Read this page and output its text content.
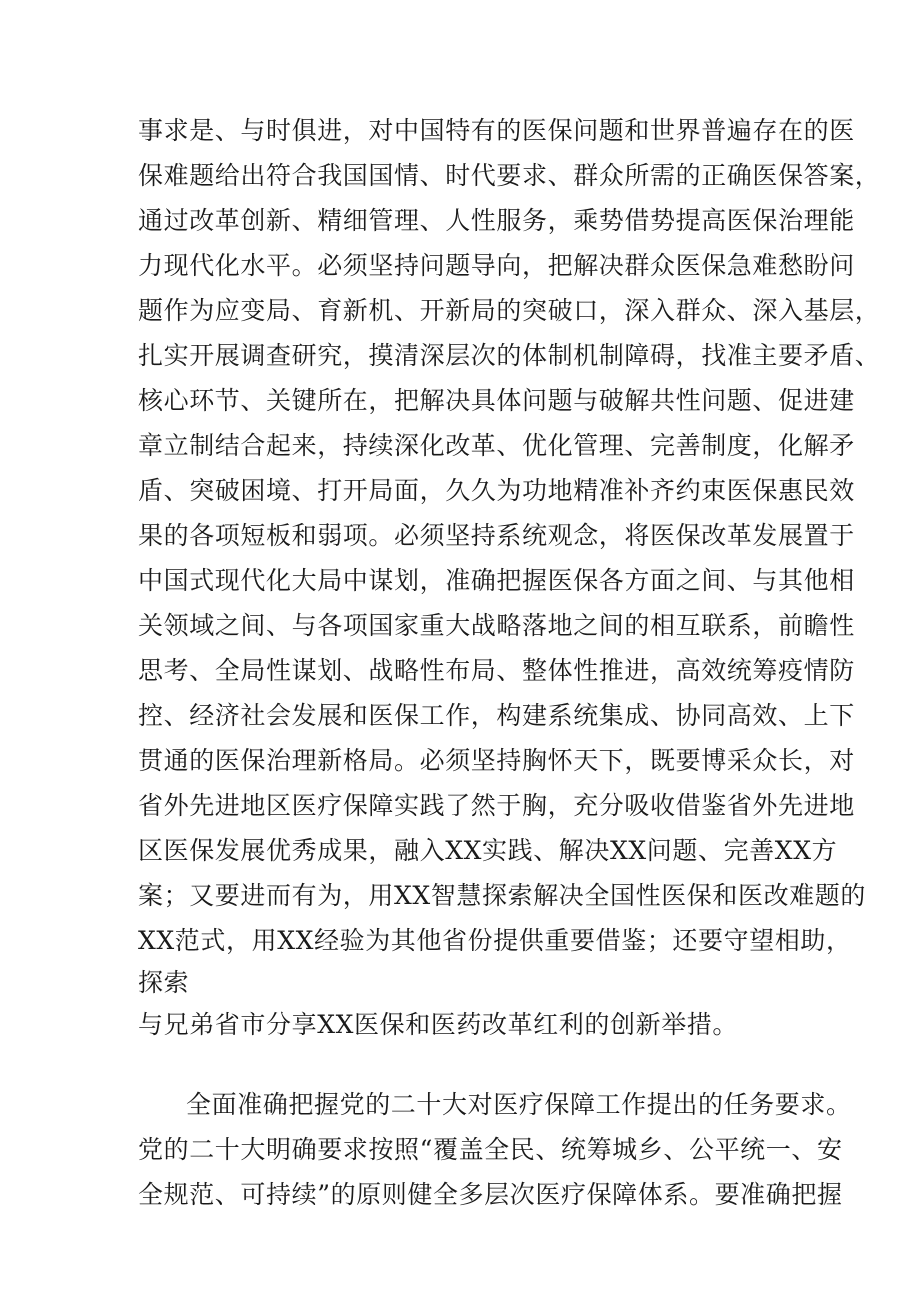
事求是、与时俱进，对中国特有的医保问题和世界普遍存在的医

保难题给出符合我国国情、时代要求、群众所需的正确医保答案，

通过改革创新、精细管理、人性服务，乘势借势提高医保治理能

力现代化水平。必须坚持问题导向，把解决群众医保急难愁盼问

题作为应变局、育新机、开新局的突破口，深入群众、深入基层，

扎实开展调查研究，摸清深层次的体制机制障碍，找准主要矛盾、

核心环节、关键所在，把解决具体问题与破解共性问题、促进建

章立制结合起来，持续深化改革、优化管理、完善制度，化解矛

盾、突破困境、打开局面，久久为功地精准补齐约束医保惠民效

果的各项短板和弱项。必须坚持系统观念，将医保改革发展置于

中国式现代化大局中谋划，准确把握医保各方面之间、与其他相

关领域之间、与各项国家重大战略落地之间的相互联系，前瞻性

思考、全局性谋划、战略性布局、整体性推进，高效统筹疫情防

控、经济社会发展和医保工作，构建系统集成、协同高效、上下

贯通的医保治理新格局。必须坚持胸怀天下，既要博采众长，对

省外先进地区医疗保障实践了然于胸，充分吸收借鉴省外先进地

区医保发展优秀成果，融入XX实践、解决XX问题、完善XX方

案；又要进而有为，用XX智慧探索解决全国性医保和医改难题的

XX范式，用XX经验为其他省份提供重要借鉴；还要守望相助，

探索

与兄弟省市分享XX医保和医药改革红利的创新举措。

全面准确把握党的二十大对医疗保障工作提出的任务要求。

党的二十大明确要求按照“覆盖全民、统筹城乡、公平统一、安

全规范、可持续”的原则健全多层次医疗保障体系。要准确把握
